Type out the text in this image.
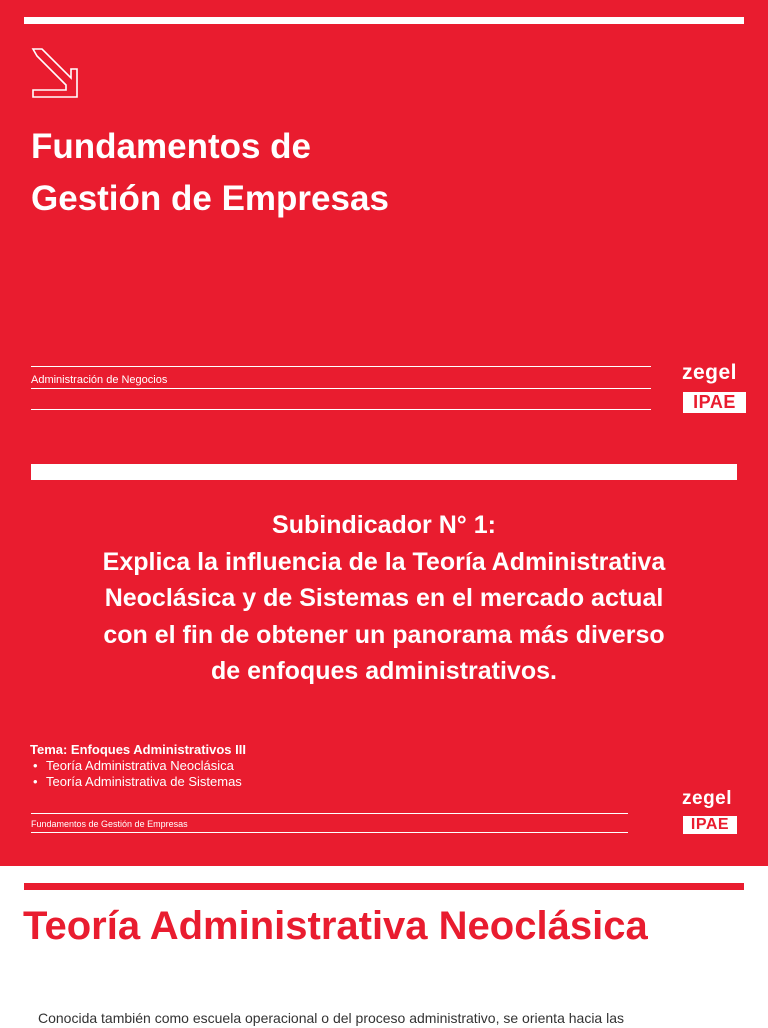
Fundamentos de
Gestión de Empresas
Administración de Negocios	zegel
IPAE
Subindicador N° 1:
Explica la influencia de la Teoría Administrativa
Neoclásica y de Sistemas en el mercado actual
con el fin de obtener un panorama más diverso
de enfoques administrativos.
Tema: Enfoques Administrativos III
• Teoría Administrativa Neoclásica
• Teoría Administrativa de Sistemas
Fundamentos de Gestión de Empresas
zegel
IPAE
Teoría Administrativa Neoclásica
Conocida también como escuela operacional o del proceso administrativo, se orienta hacia las
